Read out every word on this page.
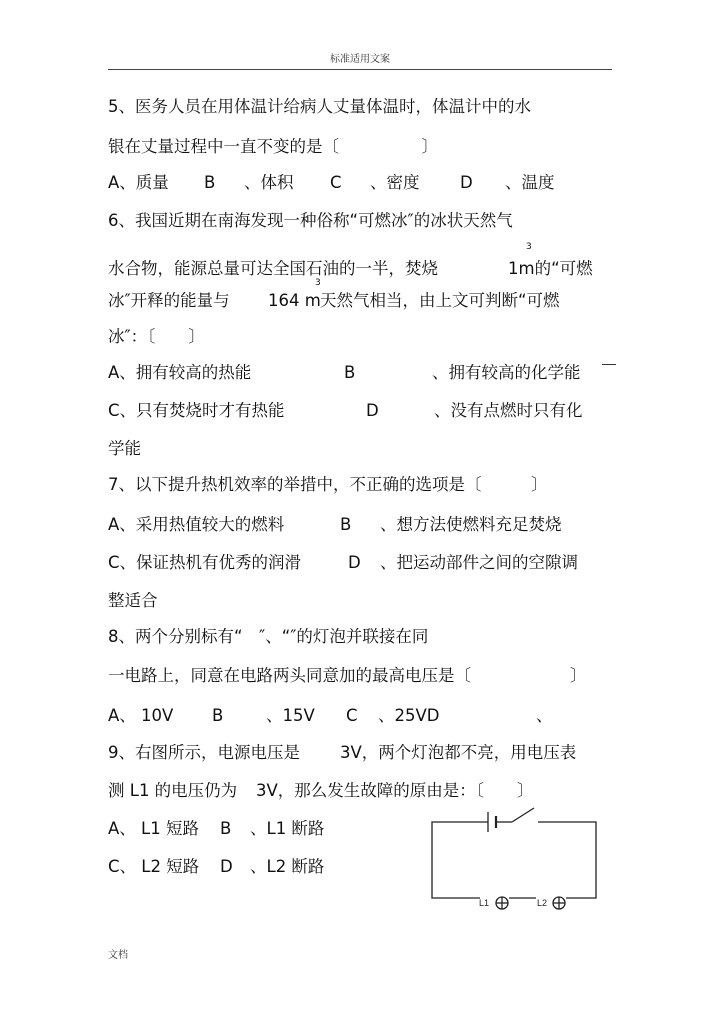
标准适用文案
5、医务人员在用体温计给病人丈量体温时，体温计中的水
银在丈量过程中一直不变的是〔　　　　　〕
A、质量 B 、体积 C 、密度 D 、温度
6、我国近期在南海发现一种俗称“可燃冰″的冰状天然气
3
水合物，能源总量可达全国石油的一半，焚烧	1m的“可燃
3
冰″开释的能量与 164 m 天然气相当，由上文可判断“可燃
冰″：〔　　〕
A、拥有较高的热能	B	、拥有较高的化学能
C、只有焚烧时才有热能	D	、没有点燃时只有化
学能
7、以下提升热机效率的举措中，不正确的选项是〔　　　〕
A、采用热值较大的燃料	B 、想方法使燃料充足焚烧
C、保证热机有优秀的润滑	D 、把运动部件之间的空隙调
整适合
8、两个分别标有“　″、“″的灯泡并联接在同
一电路上，同意在电路两头同意加的最高电压是〔　　　　　　〕
A、 10V B	、15V C 、25VD	、
9、右图所示，电源电压是 3V，两个灯泡都不亮，用电压表
测 L1 的电压仍为 3V，那么发生故障的原由是：〔　　〕
A、 L1 短路 B 、L1 断路
C、 L2 短路 D 、L2 断路
L1	L2
文档
